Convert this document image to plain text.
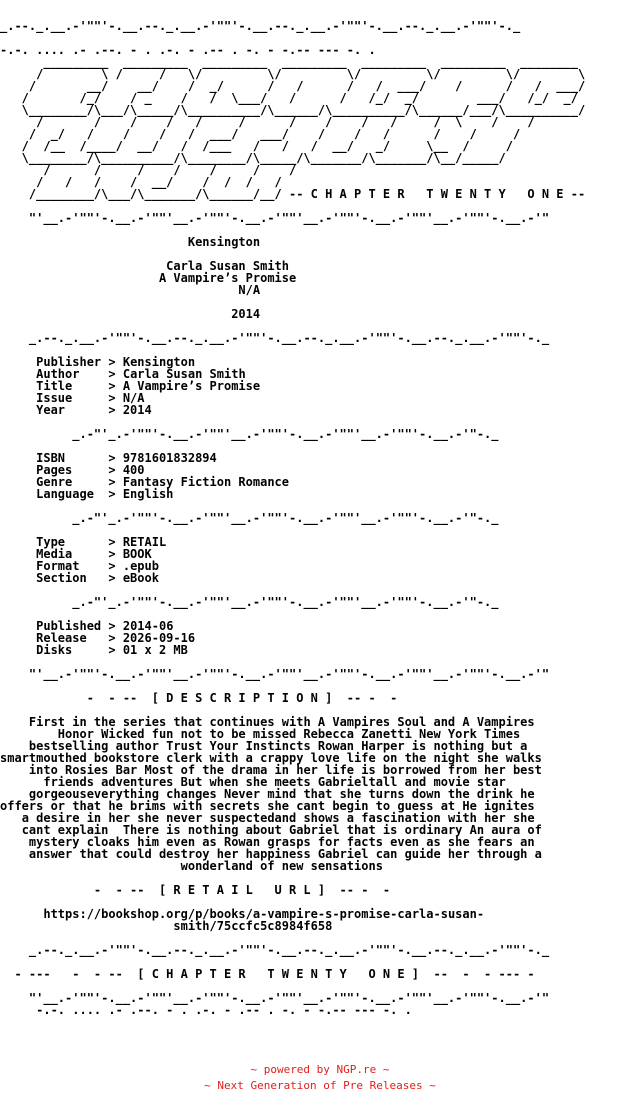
_.--._.__.-'""'-.__.--._.__.-'""'-.__.--._.__.-'""'-.__.--._.__.-'""'-._

-.-. .... .- .--. - . .-. - .-- . -. - -.-- --- -. .
_________  _________  _________  _________  _________  _________  ________
/        \ /     /   \/         \/         \/         \/         \/        \
/       __/    __/    /  _/      /   /      /   /  ___/    /      /   /  ___/
/       /_/    / _    /   /  \___/   /      /   /_/  _/        ___/   /_/  _/
\________/\___/\_____/\__________/\______/\__________/\______/___/\__________/
/       /    /    /   /     /      /    /    /   /     /  \    /    /
/  _/   /    /    /   /  ___/   ___/    /    /   /      /    /     /
/  /__  /____/  __/   /  /___   /   /   /  __/   _/     \__  /     /
\________/\__________/\________/\_____/\_______/\_______/\__/_____/
/      /     /    /    /     /    /
/   /   /    /  __/    /  /  /   /
/________/\___/\_______/\______/__/ -- C H A P T E R   T W E N T Y   O N E --

"'__.-'""'-.__.-'""'__.-'""'-.__.-'""'__.-'""'-.__.-'""'__.-'""'-.__.-'"

Kensington

Carla Susan Smith
A Vampire’s Promise
N/A

2014

_.--._.__.-'""'-.__.--._.__.-'""'-.__.--._.__.-'""'-.__.--._.__.-'""'-._

Publisher > Kensington
Author    > Carla Susan Smith
Title     > A Vampire’s Promise
Issue     > N/A
Year      > 2014

_.-"'_.-'""'-.__.-'""'__.-'""'-.__.-'""'__.-'""'-.__.-'"-._

ISBN      > 9781601832894
Pages     > 400
Genre     > Fantasy Fiction Romance
Language  > English

_.-"'_.-'""'-.__.-'""'__.-'""'-.__.-'""'__.-'""'-.__.-'"-._

Type      > RETAIL
Media     > BOOK
Format    > .epub
Section   > eBook

_.-"'_.-'""'-.__.-'""'__.-'""'-.__.-'""'__.-'""'-.__.-'"-._

Published > 2014-06
Release   > 2026-09-16
Disks     > 01 x 2 MB

"'__.-'""'-.__.-'""'__.-'""'-.__.-'""'__.-'""'-.__.-'""'__.-'""'-.__.-'"

-  - --  [ D E S C R I P T I O N ]  -- -  -

First in the series that continues with A Vampires Soul and A Vampires
Honor Wicked fun not to be missed Rebecca Zanetti New York Times
bestselling author Trust Your Instincts Rowan Harper is nothing but a
smartmouthed bookstore clerk with a crappy love life on the night she walks
into Rosies Bar Most of the drama in her life is borrowed from her best
friends adventures But when she meets Gabrieltall and movie star
gorgeouseverything changes Never mind that she turns down the drink he
offers or that he brims with secrets she cant begin to guess at He ignites
a desire in her she never suspectedand shows a fascination with her she
cant explain  There is nothing about Gabriel that is ordinary An aura of
mystery cloaks him even as Rowan grasps for facts even as she fears an
answer that could destroy her happiness Gabriel can guide her through a
wonderland of new sensations

-  - --  [ R E T A I L   U R L ]  -- -  -

https://bookshop.org/p/books/a-vampire-s-promise-carla-susan-
smith/75ccfc5c8984f658

_.--._.__.-'""'-.__.--._.__.-'""'-.__.--._.__.-'""'-.__.--._.__.-'""'-._

- ---   -  - --  [ C H A P T E R   T W E N T Y   O N E ]  --  -  - --- -

"'__.-'""'-.__.-'""'__.-'""'-.__.-'""'__.-'""'-.__.-'""'__.-'""'-.__.-'"
-.-. .... .- .--. - . .-. - .-- . -. - -.-- --- -. .

~ powered by NGP.re ~
~ Next Generation of Pre Releases ~
